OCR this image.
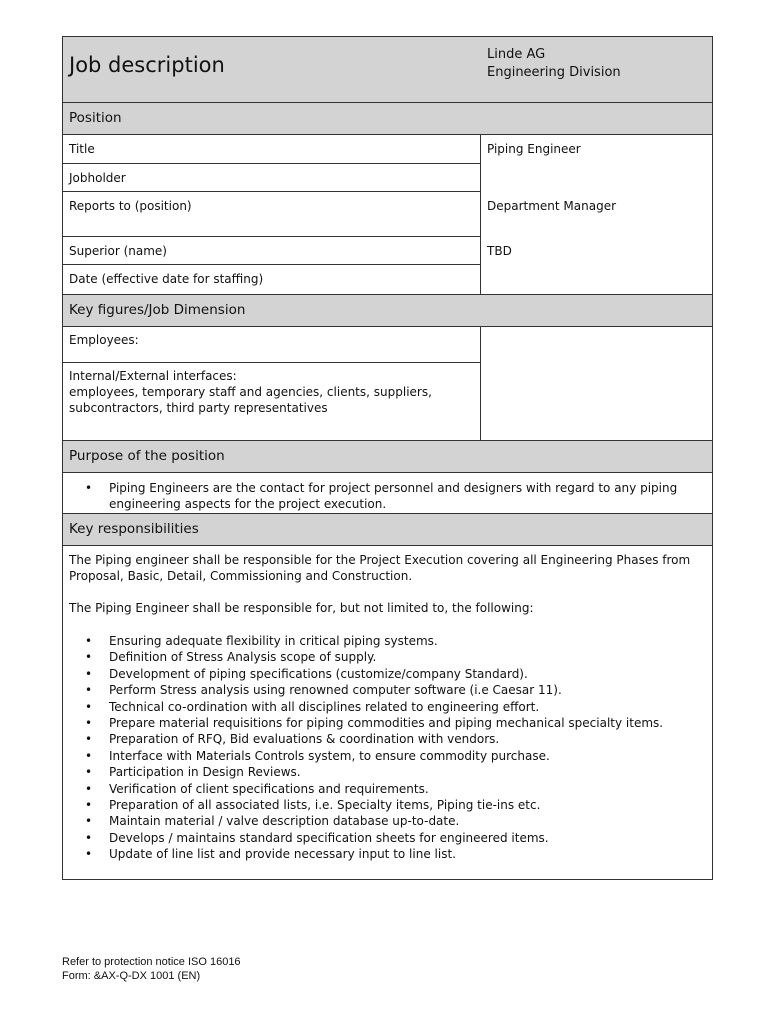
Job description	Linde AG
Engineering Division
Position
Title	Piping Engineer
Jobholder
Reports to (position)	Department Manager
Superior (name)	TBD
Date (effective date for staffing)
Key figures/Job Dimension
Employees:
Internal/External interfaces:
employees, temporary staff and agencies, clients, suppliers,
subcontractors, third party representatives
Purpose of the position
• Piping Engineers are the contact for project personnel and designers with regard to any piping
engineering aspects for the project execution.
Key responsibilities
The Piping engineer shall be responsible for the Project Execution covering all Engineering Phases from
Proposal, Basic, Detail, Commissioning and Construction.
The Piping Engineer shall be responsible for, but not limited to, the following:
• Ensuring adequate flexibility in critical piping systems.
• Definition of Stress Analysis scope of supply.
• Development of piping specifications (customize/company Standard).
• Perform Stress analysis using renowned computer software (i.e Caesar 11).
• Technical co-ordination with all disciplines related to engineering effort.
• Prepare material requisitions for piping commodities and piping mechanical specialty items.
• Preparation of RFQ, Bid evaluations & coordination with vendors.
• Interface with Materials Controls system, to ensure commodity purchase.
• Participation in Design Reviews.
• Verification of client specifications and requirements.
• Preparation of all associated lists, i.e. Specialty items, Piping tie-ins etc.
• Maintain material / valve description database up-to-date.
• Develops / maintains standard specification sheets for engineered items.
• Update of line list and provide necessary input to line list.
Refer to protection notice ISO 16016
Form: &AX-Q-DX 1001 (EN)
